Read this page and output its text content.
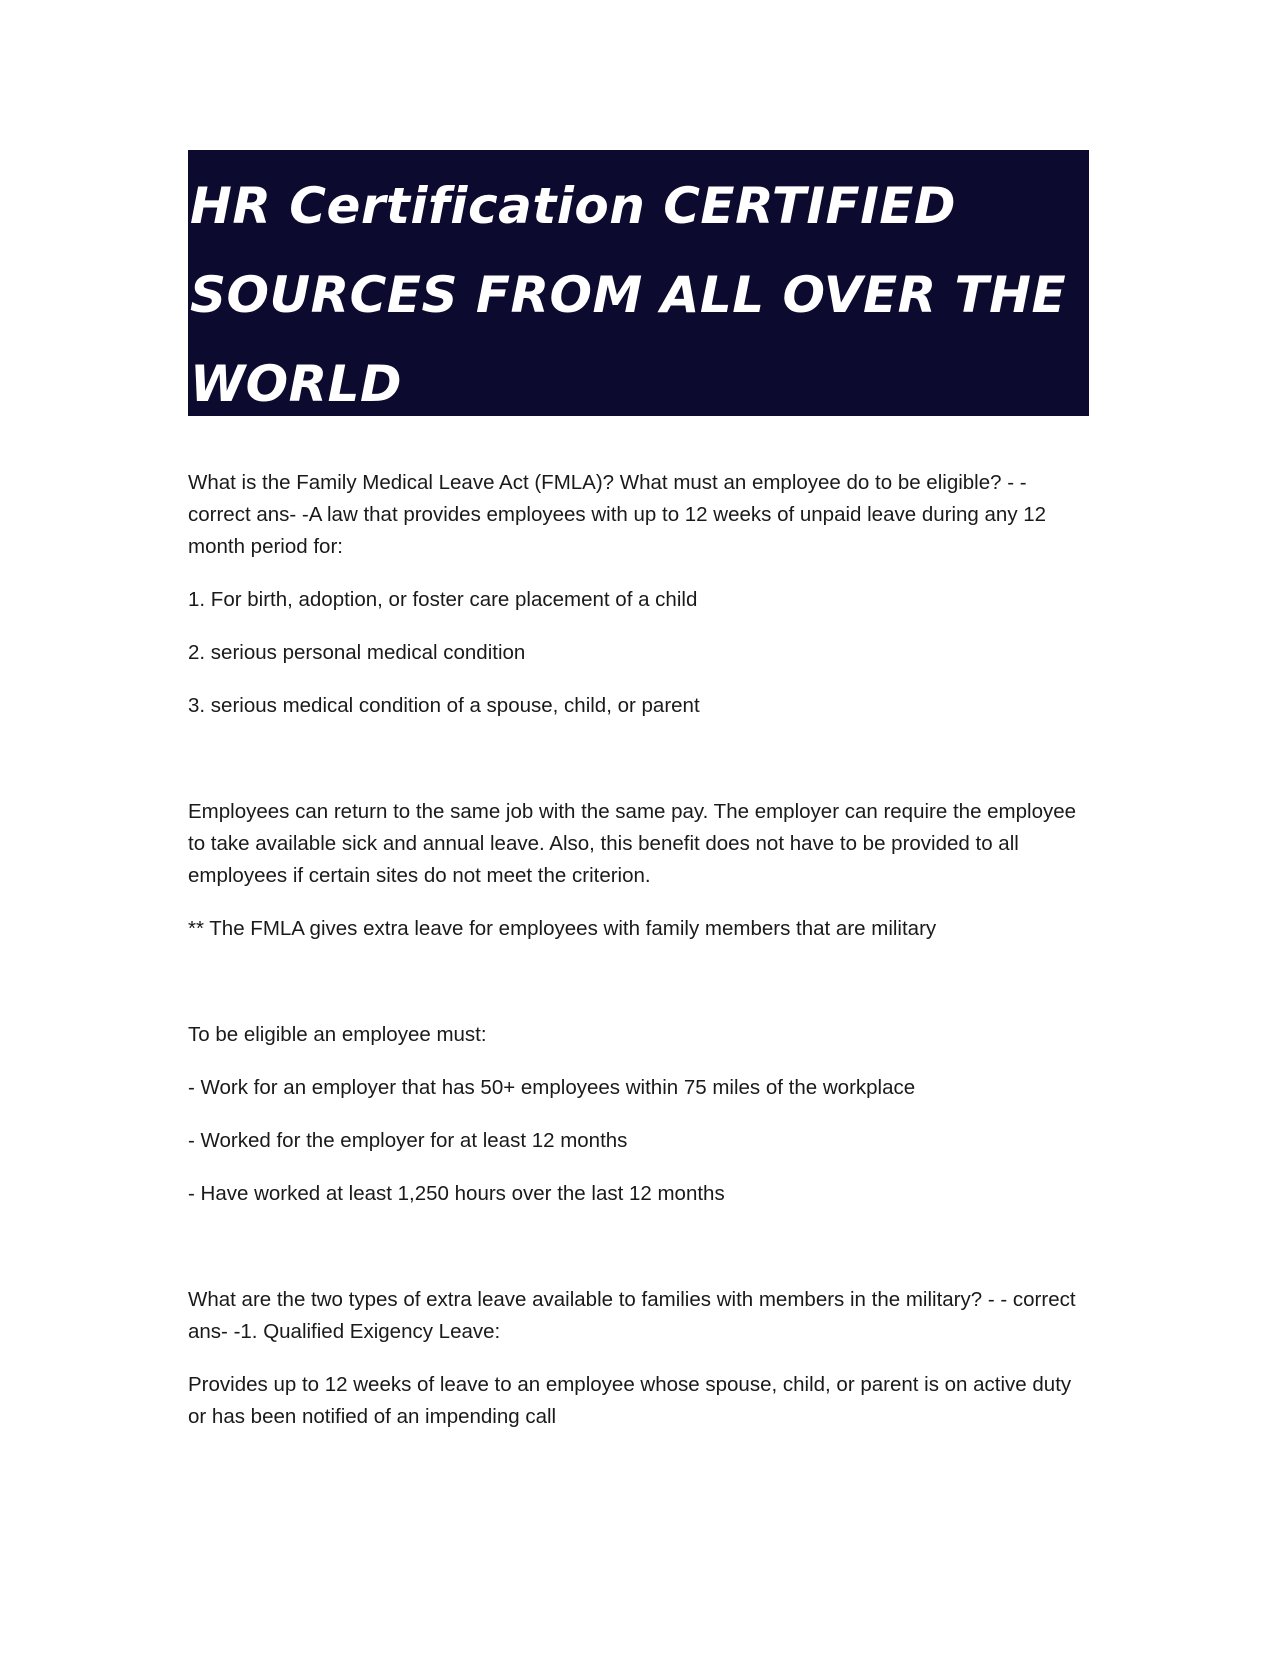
HR Certification CERTIFIED SOURCES FROM ALL OVER THE WORLD

What is the Family Medical Leave Act (FMLA)? What must an employee do to be eligible? - - correct ans- -A law that provides employees with up to 12 weeks of unpaid leave during any 12 month period for:

1. For birth, adoption, or foster care placement of a child

2. serious personal medical condition

3. serious medical condition of a spouse, child, or parent

Employees can return to the same job with the same pay. The employer can require the employee to take available sick and annual leave. Also, this benefit does not have to be provided to all employees if certain sites do not meet the criterion.

** The FMLA gives extra leave for employees with family members that are military

To be eligible an employee must:

- Work for an employer that has 50+ employees within 75 miles of the workplace

- Worked for the employer for at least 12 months

- Have worked at least 1,250 hours over the last 12 months

What are the two types of extra leave available to families with members in the military? - - correct ans- -1. Qualified Exigency Leave:

Provides up to 12 weeks of leave to an employee whose spouse, child, or parent is on active duty or has been notified of an impending call
